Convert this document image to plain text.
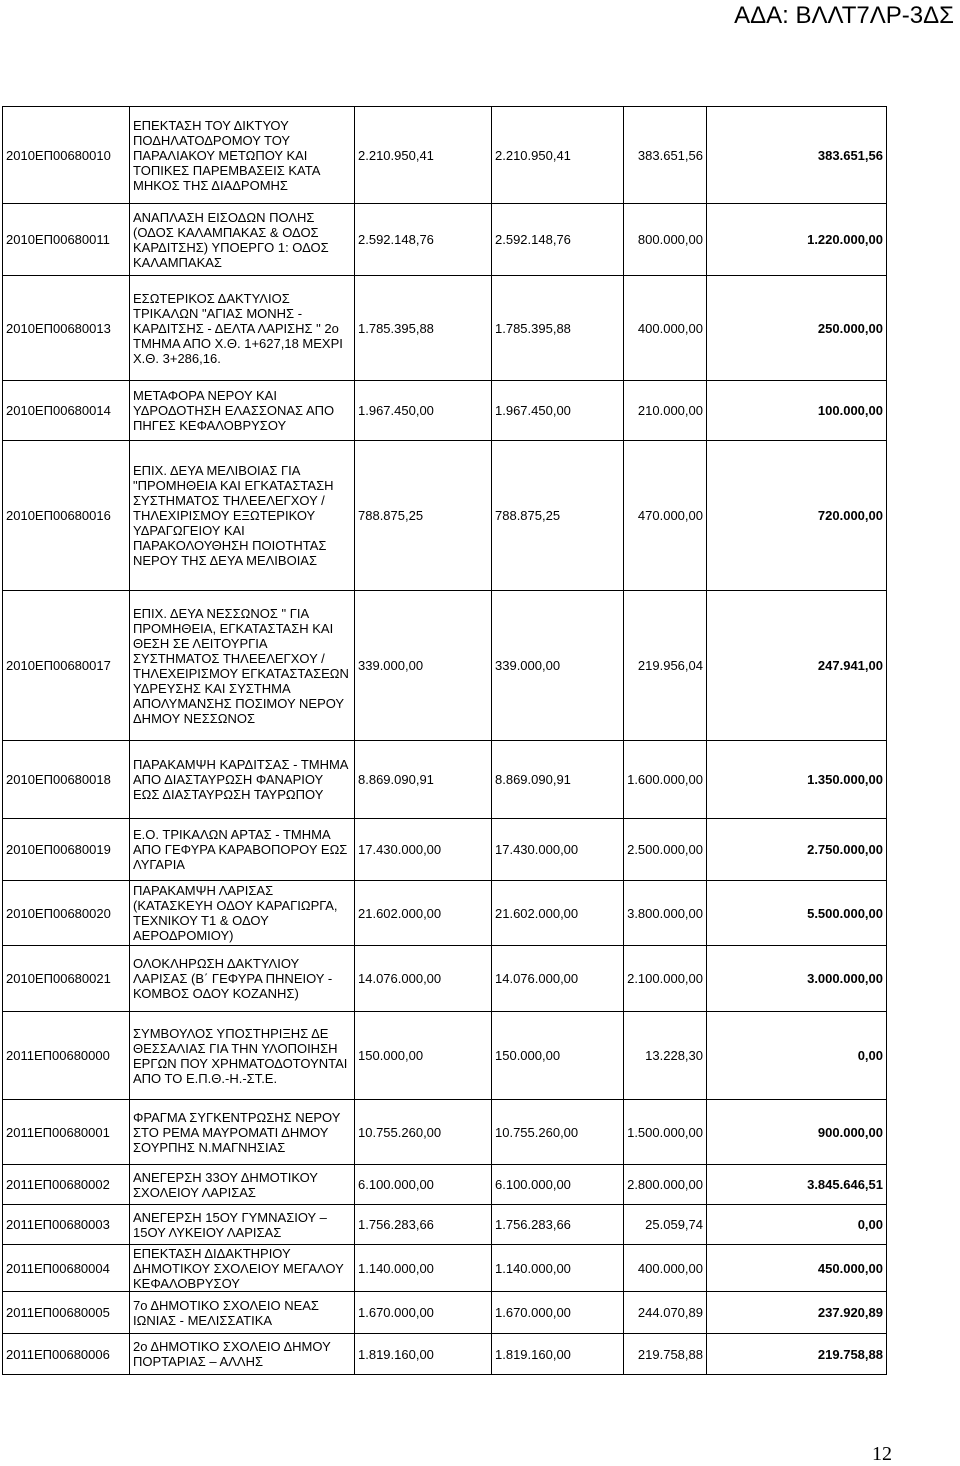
ΑΔΑ: ΒΛΛΤ7ΛΡ-3ΔΣ
2010ΕΠ00680010	ΕΠΕΚΤΑΣΗ ΤΟΥ ΔΙΚΤΥΟΥ ΠΟΔΗΛΑΤΟΔΡΟΜΟΥ ΤΟΥ ΠΑΡΑΛΙΑΚΟΥ ΜΕΤΩΠΟΥ ΚΑΙ ΤΟΠΙΚΕΣ ΠΑΡΕΜΒΑΣΕΙΣ ΚΑΤΑ ΜΗΚΟΣ ΤΗΣ ΔΙΑΔΡΟΜΗΣ	2.210.950,41	2.210.950,41	383.651,56	383.651,56
2010ΕΠ00680011	ΑΝΑΠΛΑΣΗ ΕΙΣΟΔΩΝ ΠΟΛΗΣ (ΟΔΟΣ ΚΑΛΑΜΠΑΚΑΣ & ΟΔΟΣ ΚΑΡΔΙΤΣΗΣ) ΥΠΟΕΡΓΟ 1: ΟΔΟΣ ΚΑΛΑΜΠΑΚΑΣ	2.592.148,76	2.592.148,76	800.000,00	1.220.000,00
2010ΕΠ00680013	ΕΣΩΤΕΡΙΚΟΣ ΔΑΚΤΥΛΙΟΣ ΤΡΙΚΑΛΩΝ "ΑΓΙΑΣ ΜΟΝΗΣ - ΚΑΡΔΙΤΣΗΣ - ΔΕΛΤΑ ΛΑΡΙΣΗΣ " 2ο ΤΜΗΜΑ ΑΠΟ Χ.Θ. 1+627,18 ΜΕΧΡΙ Χ.Θ. 3+286,16.	1.785.395,88	1.785.395,88	400.000,00	250.000,00
2010ΕΠ00680014	ΜΕΤΑΦΟΡΑ ΝΕΡΟΥ ΚΑΙ ΥΔΡΟΔΟΤΗΣΗ ΕΛΑΣΣΟΝΑΣ ΑΠΟ ΠΗΓΕΣ ΚΕΦΑΛΟΒΡΥΣΟΥ	1.967.450,00	1.967.450,00	210.000,00	100.000,00
2010ΕΠ00680016	ΕΠΙΧ. ΔΕΥΑ ΜΕΛΙΒΟΙΑΣ ΓΙΑ "ΠΡΟΜΗΘΕΙΑ ΚΑΙ ΕΓΚΑΤΑΣΤΑΣΗ ΣΥΣΤΗΜΑΤΟΣ ΤΗΛΕΕΛΕΓΧΟΥ /ΤΗΛΕΧΙΡΙΣΜΟΥ ΕΞΩΤΕΡΙΚΟΥ ΥΔΡΑΓΩΓΕΙΟΥ ΚΑΙ ΠΑΡΑΚΟΛΟΥΘΗΣΗ ΠΟΙΟΤΗΤΑΣ ΝΕΡΟΥ ΤΗΣ ΔΕΥΑ ΜΕΛΙΒΟΙΑΣ	788.875,25	788.875,25	470.000,00	720.000,00
2010ΕΠ00680017	ΕΠΙΧ. ΔΕΥΑ ΝΕΣΣΩΝΟΣ " ΓΙΑ ΠΡΟΜΗΘΕΙΑ, ΕΓΚΑΤΑΣΤΑΣΗ ΚΑΙ ΘΕΣΗ ΣΕ ΛΕΙΤΟΥΡΓΙΑ ΣΥΣΤΗΜΑΤΟΣ ΤΗΛΕΕΛΕΓΧΟΥ / ΤΗΛΕΧΕΙΡΙΣΜΟΥ ΕΓΚΑΤΑΣΤΑΣΕΩΝ ΥΔΡΕΥΣΗΣ ΚΑΙ ΣΥΣΤΗΜΑ ΑΠΟΛΥΜΑΝΣΗΣ ΠΟΣΙΜΟΥ ΝΕΡΟΥ ΔΗΜΟΥ ΝΕΣΣΩΝΟΣ	339.000,00	339.000,00	219.956,04	247.941,00
2010ΕΠ00680018	ΠΑΡΑΚΑΜΨΗ ΚΑΡΔΙΤΣΑΣ - ΤΜΗΜΑ ΑΠΟ ΔΙΑΣΤΑΥΡΩΣΗ ΦΑΝΑΡΙΟΥ ΕΩΣ ΔΙΑΣΤΑΥΡΩΣΗ ΤΑΥΡΩΠΟΥ	8.869.090,91	8.869.090,91	1.600.000,00	1.350.000,00
2010ΕΠ00680019	Ε.Ο. ΤΡΙΚΑΛΩΝ ΑΡΤΑΣ - ΤΜΗΜΑ ΑΠΟ ΓΕΦΥΡΑ ΚΑΡΑΒΟΠΟΡΟΥ ΕΩΣ ΛΥΓΑΡΙΑ	17.430.000,00	17.430.000,00	2.500.000,00	2.750.000,00
2010ΕΠ00680020	ΠΑΡΑΚΑΜΨΗ ΛΑΡΙΣΑΣ (ΚΑΤΑΣΚΕΥΗ ΟΔΟΥ ΚΑΡΑΓΙΩΡΓΑ, ΤΕΧΝΙΚΟΥ Τ1 & ΟΔΟΥ ΑΕΡΟΔΡΟΜΙΟΥ)	21.602.000,00	21.602.000,00	3.800.000,00	5.500.000,00
2010ΕΠ00680021	ΟΛΟΚΛΗΡΩΣΗ ΔΑΚΤΥΛΙΟΥ ΛΑΡΙΣΑΣ (Β΄ ΓΕΦΥΡΑ ΠΗΝΕΙΟΥ - ΚΟΜΒΟΣ ΟΔΟΥ ΚΟΖΑΝΗΣ)	14.076.000,00	14.076.000,00	2.100.000,00	3.000.000,00
2011ΕΠ00680000	ΣΥΜΒΟΥΛΟΣ ΥΠΟΣΤΗΡΙΞΗΣ ΔΕ ΘΕΣΣΑΛΙΑΣ ΓΙΑ ΤΗΝ ΥΛΟΠΟΙΗΣΗ ΕΡΓΩΝ ΠΟΥ ΧΡΗΜΑΤΟΔΟΤΟΥΝΤΑΙ ΑΠΟ ΤΟ Ε.Π.Θ.-Η.-ΣΤ.Ε.	150.000,00	150.000,00	13.228,30	0,00
2011ΕΠ00680001	ΦΡΑΓΜΑ ΣΥΓΚΕΝΤΡΩΣΗΣ ΝΕΡΟΥ ΣΤΟ ΡΕΜΑ ΜΑΥΡΟΜΑΤΙ ΔΗΜΟΥ ΣΟΥΡΠΗΣ Ν.ΜΑΓΝΗΣΙΑΣ	10.755.260,00	10.755.260,00	1.500.000,00	900.000,00
2011ΕΠ00680002	ΑΝΕΓΕΡΣΗ 33ΟΥ ΔΗΜΟΤΙΚΟΥ ΣΧΟΛΕΙΟΥ ΛΑΡΙΣΑΣ	6.100.000,00	6.100.000,00	2.800.000,00	3.845.646,51
2011ΕΠ00680003	ΑΝΕΓΕΡΣΗ 15ΟΥ ΓΥΜΝΑΣΙΟΥ – 15ΟΥ ΛΥΚΕΙΟΥ ΛΑΡΙΣΑΣ	1.756.283,66	1.756.283,66	25.059,74	0,00
2011ΕΠ00680004	ΕΠΕΚΤΑΣΗ ΔΙΔΑΚΤΗΡΙΟΥ ΔΗΜΟΤΙΚΟΥ ΣΧΟΛΕΙΟΥ ΜΕΓΑΛΟΥ ΚΕΦΑΛΟΒΡΥΣΟΥ	1.140.000,00	1.140.000,00	400.000,00	450.000,00
2011ΕΠ00680005	7ο ΔΗΜΟΤΙΚΟ ΣΧΟΛΕΙΟ ΝΕΑΣ ΙΩΝΙΑΣ - ΜΕΛΙΣΣΑΤΙΚΑ	1.670.000,00	1.670.000,00	244.070,89	237.920,89
2011ΕΠ00680006	2ο ΔΗΜΟΤΙΚΟ ΣΧΟΛΕΙΟ ΔΗΜΟΥ ΠΟΡΤΑΡΙΑΣ – ΑΛΛΗΣ	1.819.160,00	1.819.160,00	219.758,88	219.758,88
12
